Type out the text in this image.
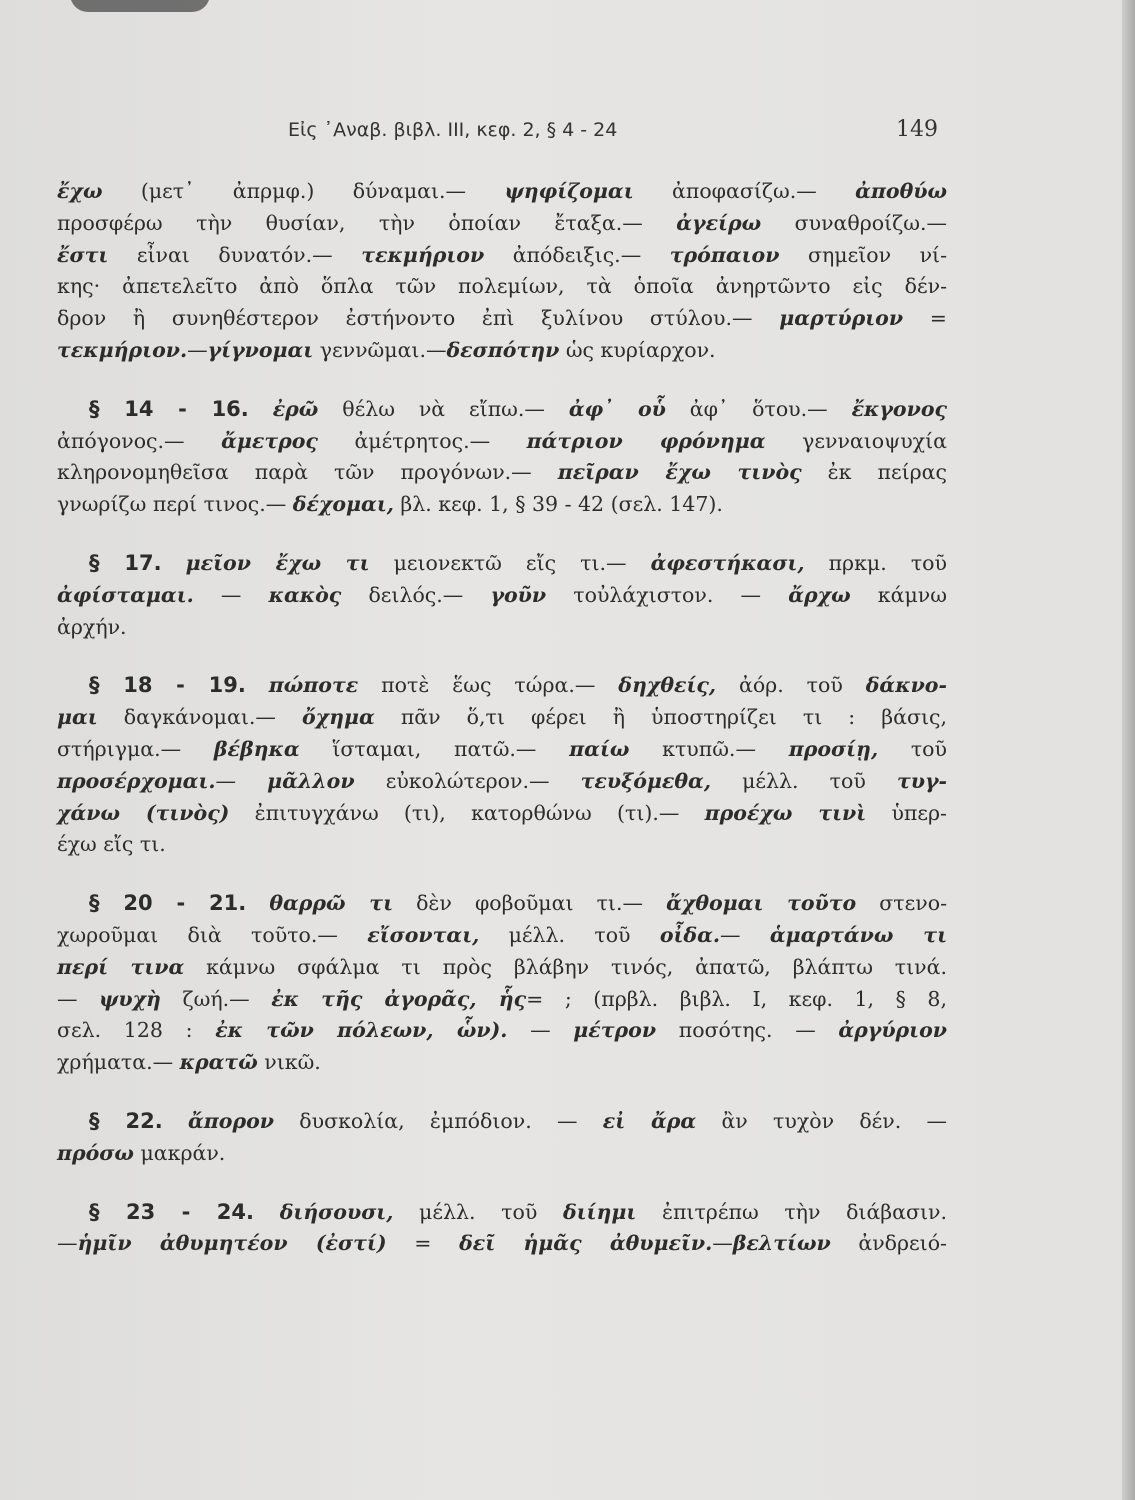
Εἰς ᾿Αναβ. βιβλ. III, κεφ. 2, § 4 - 24	149
ἔχω (μετ᾿ ἀπρμφ.) δύναμαι.— ψηφίζομαι ἀποφασίζω.— ἀποθύω
προσφέρω τὴν θυσίαν, τὴν ὁποίαν ἔταξα.— ἀγείρω συναθροίζω.—
ἔστι εἶναι δυνατόν.— τεκμήριον ἀπόδειξις.— τρόπαιον σημεῖον νί-
κης· ἀπετελεῖτο ἀπὸ ὅπλα τῶν πολεμίων, τὰ ὁποῖα ἀνηρτῶντο εἰς δέν-
δρον ἢ συνηθέστερον ἐστήνοντο ἐπὶ ξυλίνου στύλου.— μαρτύριον =
τεκμήριον.—γίγνομαι γεννῶμαι.—δεσπότην ὡς κυρίαρχον.
§ 14 - 16. ἐρῶ θέλω νὰ εἴπω.— ἀφ᾿ οὗ ἀφ᾿ ὅτου.— ἔκγονος
ἀπόγονος.— ἄμετρος ἀμέτρητος.— πάτριον φρόνημα γενναιοψυχία
κληρονομηθεῖσα παρὰ τῶν προγόνων.— πεῖραν ἔχω τινὸς ἐκ πείρας
γνωρίζω περί τινος.— δέχομαι, βλ. κεφ. 1, § 39 - 42 (σελ. 147).
§ 17. μεῖον ἔχω τι μειονεκτῶ εἴς τι.— ἀφεστήκασι, πρκμ. τοῦ
ἀφίσταμαι. — κακὸς δειλός.— γοῦν τοὐλάχιστον. — ἄρχω κάμνω
ἀρχήν.
§ 18 - 19. πώποτε ποτὲ ἕως τώρα.— δηχθείς, ἀόρ. τοῦ δάκνο-
μαι δαγκάνομαι.— ὄχημα πᾶν ὅ,τι φέρει ἢ ὑποστηρίζει τι : βάσις,
στήριγμα.— βέβηκα ἵσταμαι, πατῶ.— παίω κτυπῶ.— προσίῃ, τοῦ
προσέρχομαι.— μᾶλλον εὐκολώτερον.— τευξόμεθα, μέλλ. τοῦ τυγ-
χάνω (τινὸς) ἐπιτυγχάνω (τι), κατορθώνω (τι).— προέχω τινὶ ὑπερ-
έχω εἴς τι.
§ 20 - 21. θαρρῶ τι δὲν φοβοῦμαι τι.— ἄχθομαι τοῦτο στενο-
χωροῦμαι διὰ τοῦτο.— εἴσονται, μέλλ. τοῦ οἶδα.— ἁμαρτάνω τι
περί τινα κάμνω σφάλμα τι πρὸς βλάβην τινός, ἀπατῶ, βλάπτω τινά.
— ψυχὴ ζωή.— ἐκ τῆς ἀγορᾶς, ἧς= ; (πρβλ. βιβλ. I, κεφ. 1, § 8,
σελ. 128 : ἐκ τῶν πόλεων, ὧν). — μέτρον ποσότης. — ἀργύριον
χρήματα.— κρατῶ νικῶ.
§ 22. ἄπορον δυσκολία, ἐμπόδιον. — εἰ ἄρα ἂν τυχὸν δέν. —
πρόσω μακράν.
§ 23 - 24. διήσουσι, μέλλ. τοῦ διίημι ἐπιτρέπω τὴν διάβασιν.
—ἡμῖν ἀθυμητέον (ἐστί) = δεῖ ἡμᾶς ἀθυμεῖν.—βελτίων ἀνδρειό-
